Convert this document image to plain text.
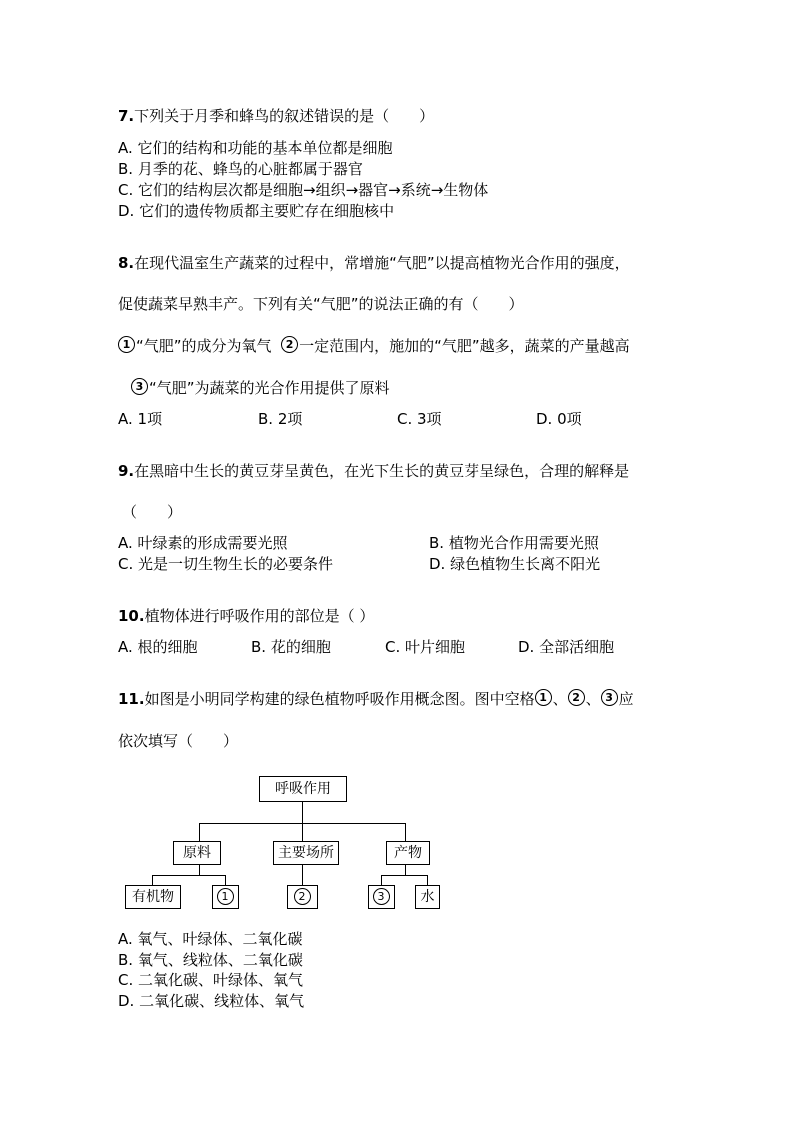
7.下列关于月季和蜂鸟的叙述错误的是（　　）
A. 它们的结构和功能的基本单位都是细胞
B. 月季的花、蜂鸟的心脏都属于器官
C. 它们的结构层次都是细胞→组织→器官→系统→生物体
D. 它们的遗传物质都主要贮存在细胞核中
8.在现代温室生产蔬菜的过程中，常增施“气肥”以提高植物光合作用的强度，
促使蔬菜早熟丰产。下列有关“气肥”的说法正确的有（　　）
1 “气肥”的成分为氧气 2 一定范围内，施加的“气肥”越多，蔬菜的产量越高
3 “气肥”为蔬菜的光合作用提供了原料
A. 1项	B. 2项	C. 3项	D. 0项
9.在黑暗中生长的黄豆芽呈黄色，在光下生长的黄豆芽呈绿色，合理的解释是
（　　）
A. 叶绿素的形成需要光照	B. 植物光合作用需要光照
C. 光是一切生物生长的必要条件	D. 绿色植物生长离不阳光
10.植物体进行呼吸作用的部位是（ ）
A. 根的细胞	B. 花的细胞	C. 叶片细胞	D. 全部活细胞
11.如图是小明同学构建的绿色植物呼吸作用概念图。图中空格 1 、 2 、 3 应
依次填写（　　）
呼吸作用
原料	主要场所	产物
有机物	1	2	3	水
A. 氧气、叶绿体、二氧化碳
B. 氧气、线粒体、二氧化碳
C. 二氧化碳、叶绿体、氧气
D. 二氧化碳、线粒体、氧气
